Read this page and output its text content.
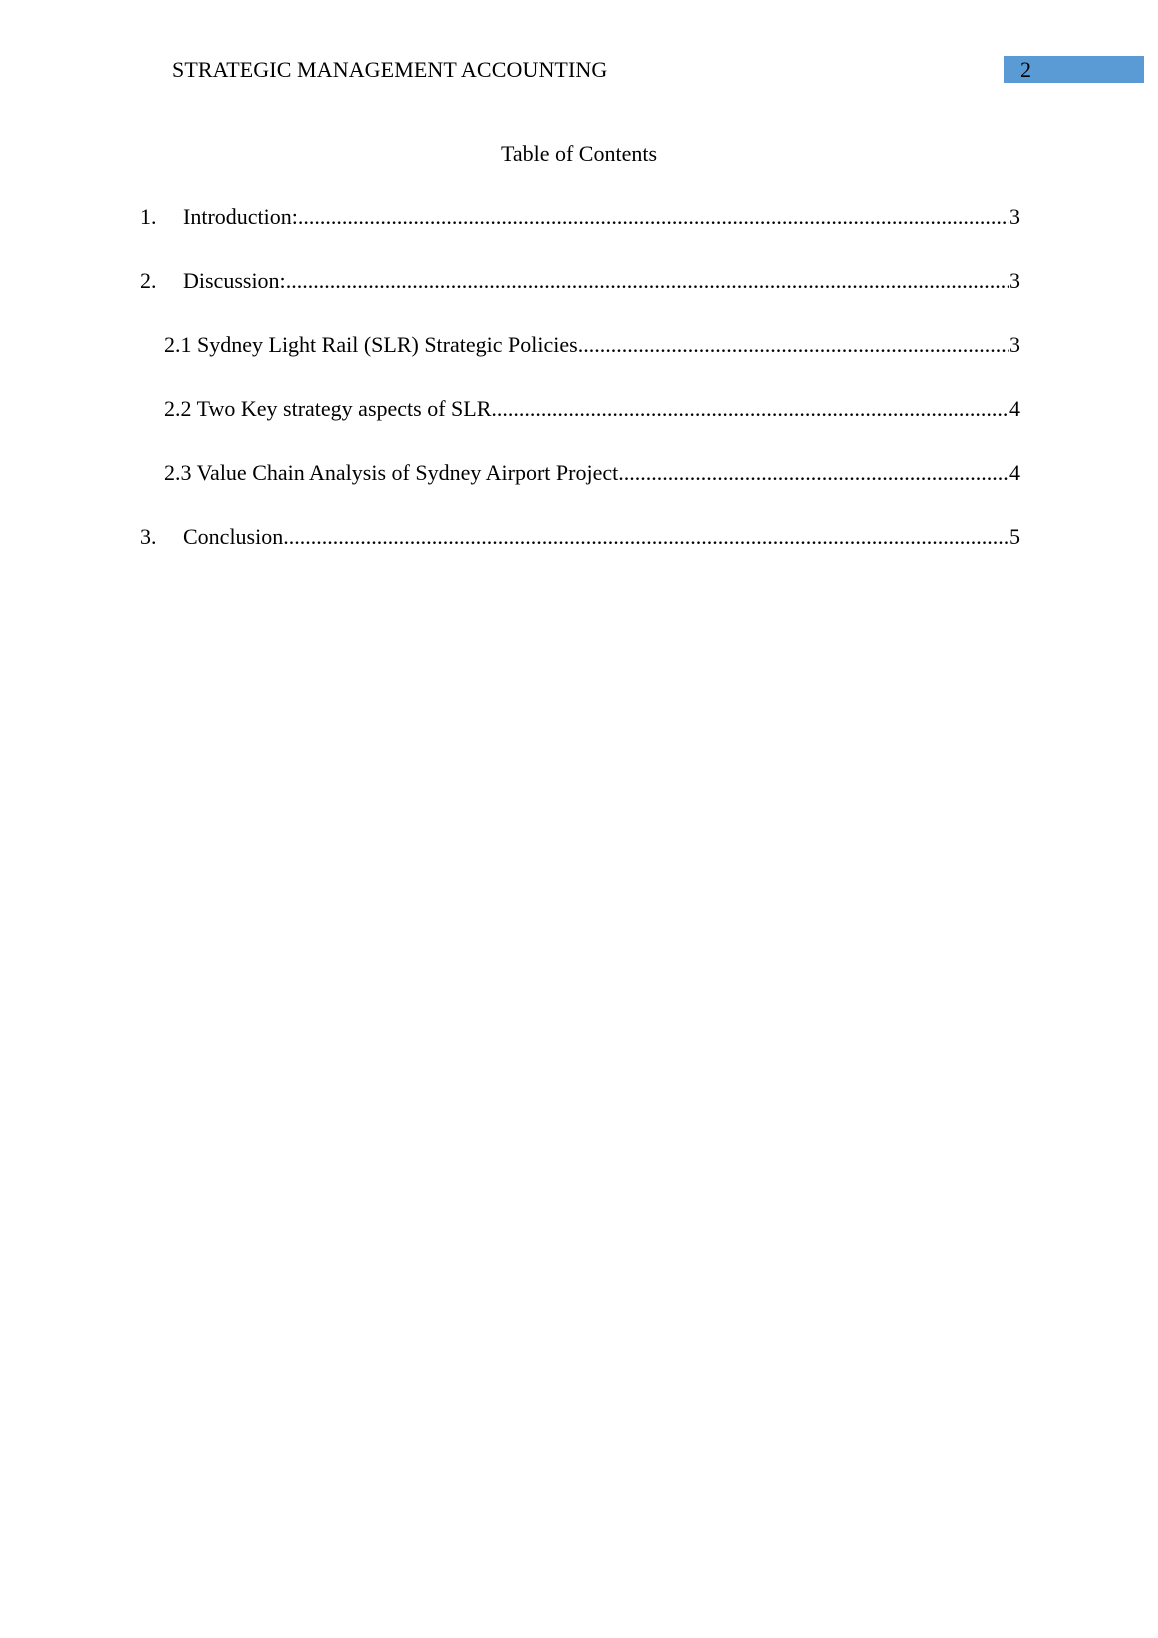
STRATEGIC MANAGEMENT ACCOUNTING	2
Table of Contents
1.	Introduction: .....	3
2.	Discussion: .....	3
2.1 Sydney Light Rail (SLR) Strategic Policies .....	3
2.2 Two Key strategy aspects of SLR .....	4
2.3 Value Chain Analysis of Sydney Airport Project .....	4
3.	Conclusion .....	5
